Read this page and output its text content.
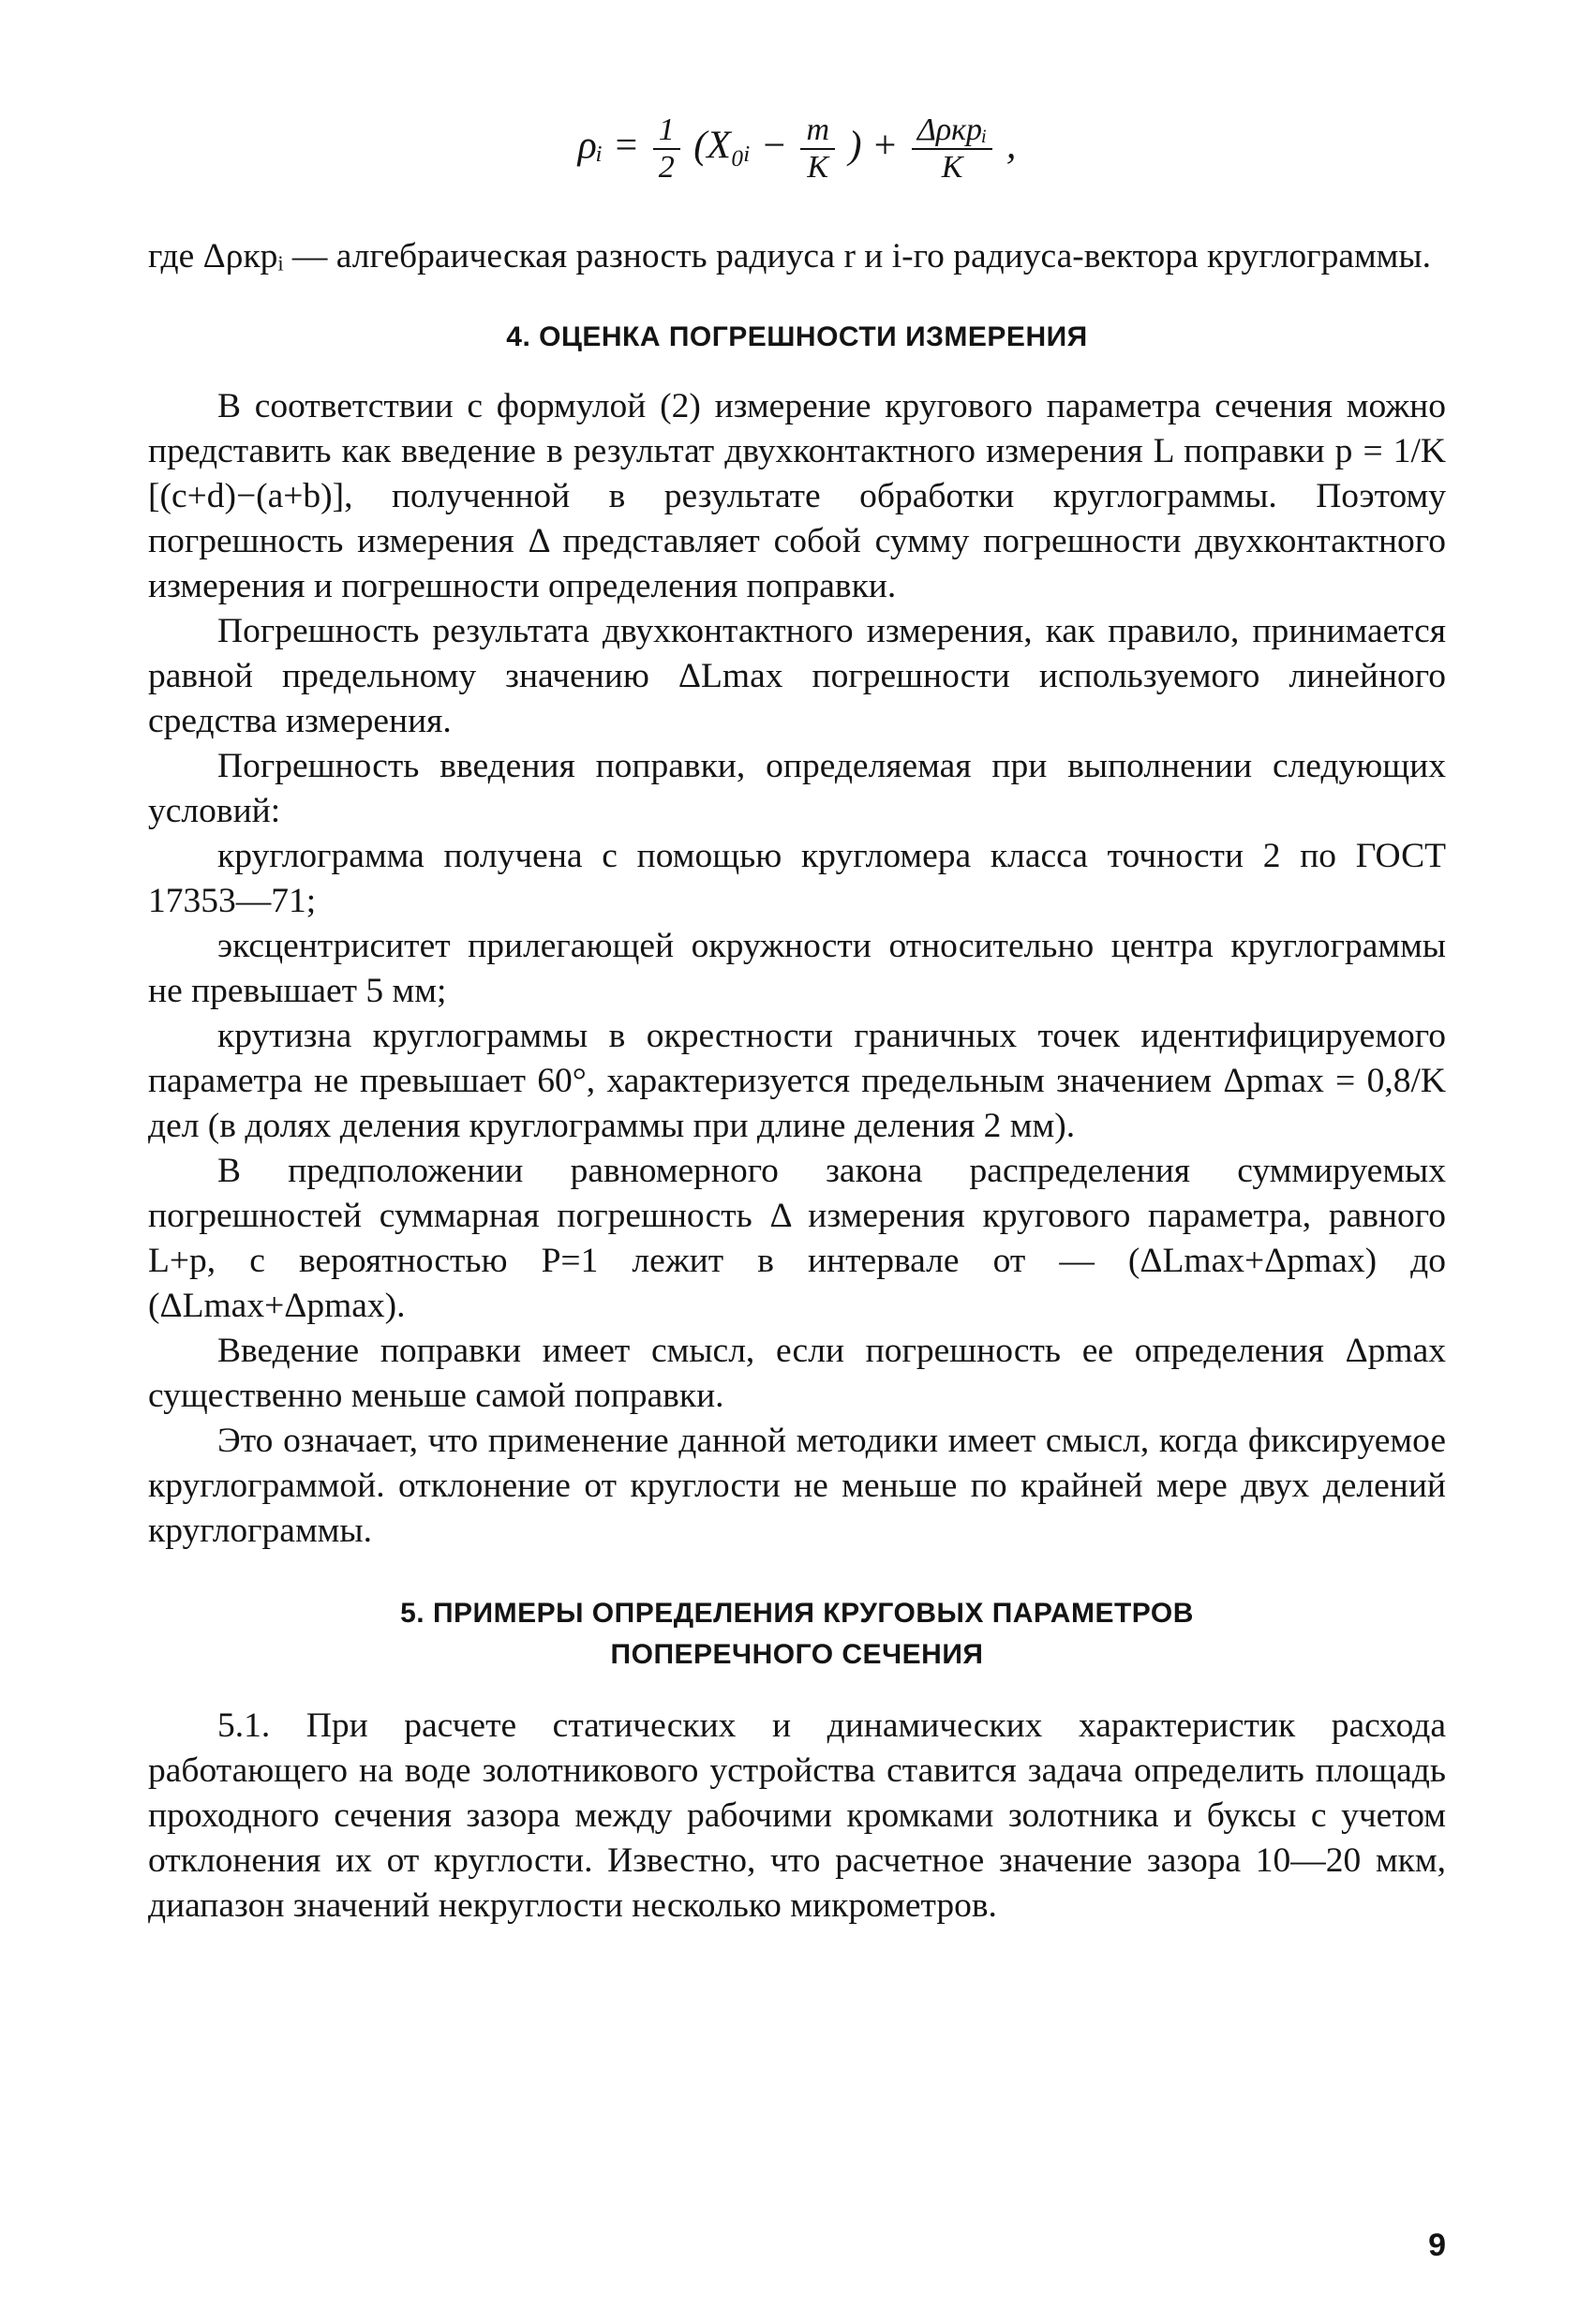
ρᵢ = $\frac{1}{2}$ (X₀ᵢ − $\frac{m}{K}$ ) + $\frac{\text{Δρкрᵢ}}{K}$ ,

где Δρкрᵢ — алгебраическая разность радиуса r и i-го радиуса-вектора круглограммы.

4. ОЦЕНКА ПОГРЕШНОСТИ ИЗМЕРЕНИЯ

В соответствии с формулой (2) измерение кругового параметра сечения можно представить как введение в результат двухконтактного измерения L поправки p = 1/K [(c+d)−(a+b)], полученной в результате обработки круглограммы. Поэтому погрешность измерения Δ представляет собой сумму погрешности двухконтактного измерения и погрешности определения поправки.

Погрешность результата двухконтактного измерения, как правило, принимается равной предельному значению ΔLmax погрешности используемого линейного средства измерения.

Погрешность введения поправки, определяемая при выполнении следующих условий:

круглограмма получена с помощью кругломера класса точности 2 по ГОСТ 17353—71;

эксцентриситет прилегающей окружности относительно центра круглограммы не превышает 5 мм;

крутизна круглограммы в окрестности граничных точек идентифицируемого параметра не превышает 60°, характеризуется предельным значением Δpmax = 0,8/K дел (в долях деления круглограммы при длине деления 2 мм).

В предположении равномерного закона распределения суммируемых погрешностей суммарная погрешность Δ измерения кругового параметра, равного L+p, с вероятностью P=1 лежит в интервале от — (ΔLmax+Δpmax) до (ΔLmax+Δpmax).

Введение поправки имеет смысл, если погрешность ее определения Δpmax существенно меньше самой поправки.

Это означает, что применение данной методики имеет смысл, когда фиксируемое круглограммой. отклонение от круглости не меньше по крайней мере двух делений круглограммы.

5. ПРИМЕРЫ ОПРЕДЕЛЕНИЯ КРУГОВЫХ ПАРАМЕТРОВ
ПОПЕРЕЧНОГО СЕЧЕНИЯ

5.1. При расчете статических и динамических характеристик расхода работающего на воде золотникового устройства ставится задача определить площадь проходного сечения зазора между рабочими кромками золотника и буксы с учетом отклонения их от круглости. Известно, что расчетное значение зазора 10—20 мкм, диапазон значений некруглости несколько микрометров.

9
